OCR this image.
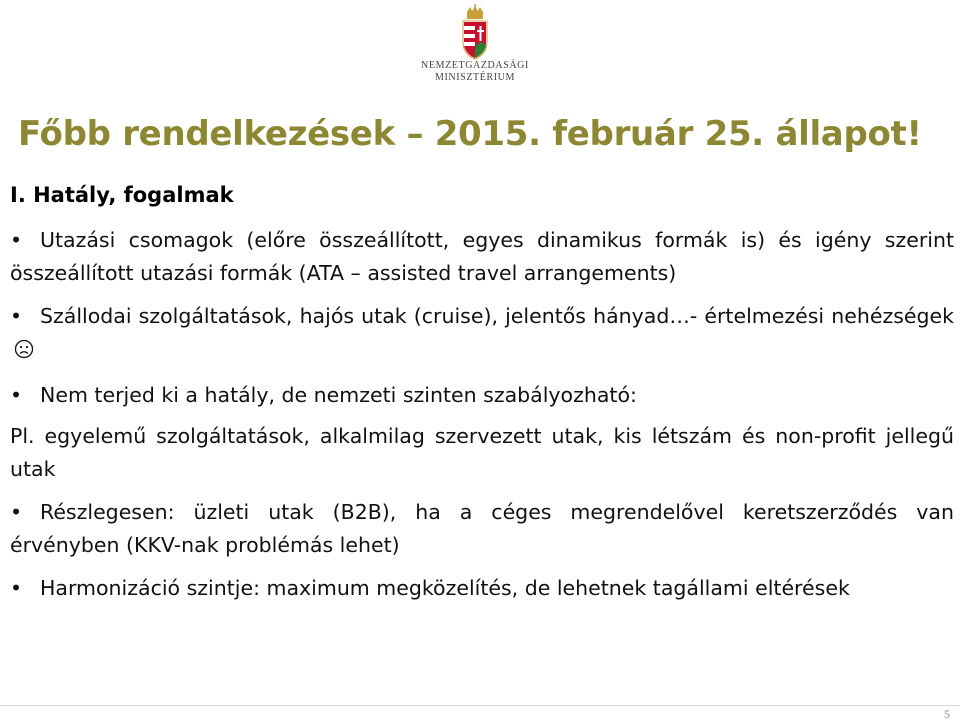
NEMZETGAZDASÁGI
MINISZTÉRIUM
Főbb rendelkezések – 2015. február 25. állapot!
I. Hatály, fogalmak

• Utazási csomagok (előre összeállított, egyes dinamikus formák is) és igény szerint összeállított utazási formák (ATA – assisted travel arrangements)

• Szállodai szolgáltatások, hajós utak (cruise), jelentős hányad…- értelmezési nehézségek

• Nem terjed ki a hatály, de nemzeti szinten szabályozható:

Pl. egyelemű szolgáltatások, alkalmilag szervezett utak, kis létszám és non-profit jellegű utak

• Részlegesen: üzleti utak (B2B), ha a céges megrendelővel keretszerződés van érvényben (KKV-nak problémás lehet)

• Harmonizáció szintje: maximum megközelítés, de lehetnek tagállami eltérések

5
